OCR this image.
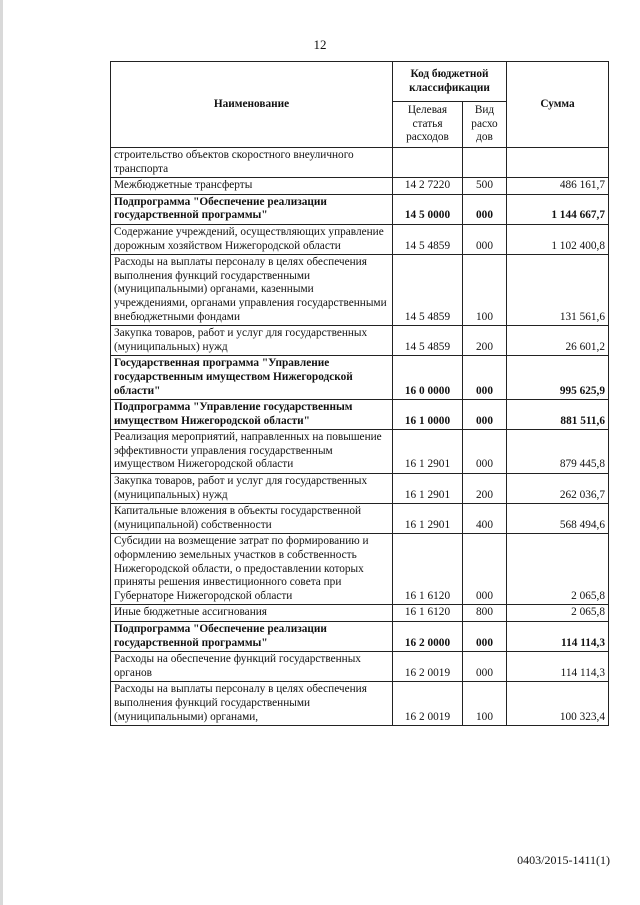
12
Наименование	Код бюджетной классификации		Сумма
	Целевая статья расходов	Вид расхо дов	
строительство объектов скоростного внеуличного транспорта			
Межбюджетные трансферты	14 2 7220	500	486 161,7
Подпрограмма "Обеспечение реализации государственной программы"	14 5 0000	000	1 144 667,7
Содержание учреждений, осуществляющих управление дорожным хозяйством Нижегородской области	14 5 4859	000	1 102 400,8
Расходы на выплаты персоналу в целях обеспечения выполнения функций государственными (муниципальными) органами, казенными учреждениями, органами управления государственными внебюджетными фондами	14 5 4859	100	131 561,6
Закупка товаров, работ и услуг для государственных (муниципальных) нужд	14 5 4859	200	26 601,2
Государственная программа "Управление государственным имуществом Нижегородской области"	16 0 0000	000	995 625,9
Подпрограмма "Управление государственным имуществом Нижегородской области"	16 1 0000	000	881 511,6
Реализация мероприятий, направленных на повышение эффективности управления государственным имуществом Нижегородской области	16 1 2901	000	879 445,8
Закупка товаров, работ и услуг для государственных (муниципальных) нужд	16 1 2901	200	262 036,7
Капитальные вложения в объекты государственной (муниципальной) собственности	16 1 2901	400	568 494,6
Субсидии на возмещение затрат по формированию и оформлению земельных участков в собственность Нижегородской области, о предоставлении которых приняты решения инвестиционного совета при Губернаторе Нижегородской области	16 1 6120	000	2 065,8
Иные бюджетные ассигнования	16 1 6120	800	2 065,8
Подпрограмма "Обеспечение реализации государственной программы"	16 2 0000	000	114 114,3
Расходы на обеспечение функций государственных органов	16 2 0019	000	114 114,3
Расходы на выплаты персоналу в целях обеспечения выполнения функций государственными (муниципальными) органами,	16 2 0019	100	100 323,4
0403/2015-1411(1)
